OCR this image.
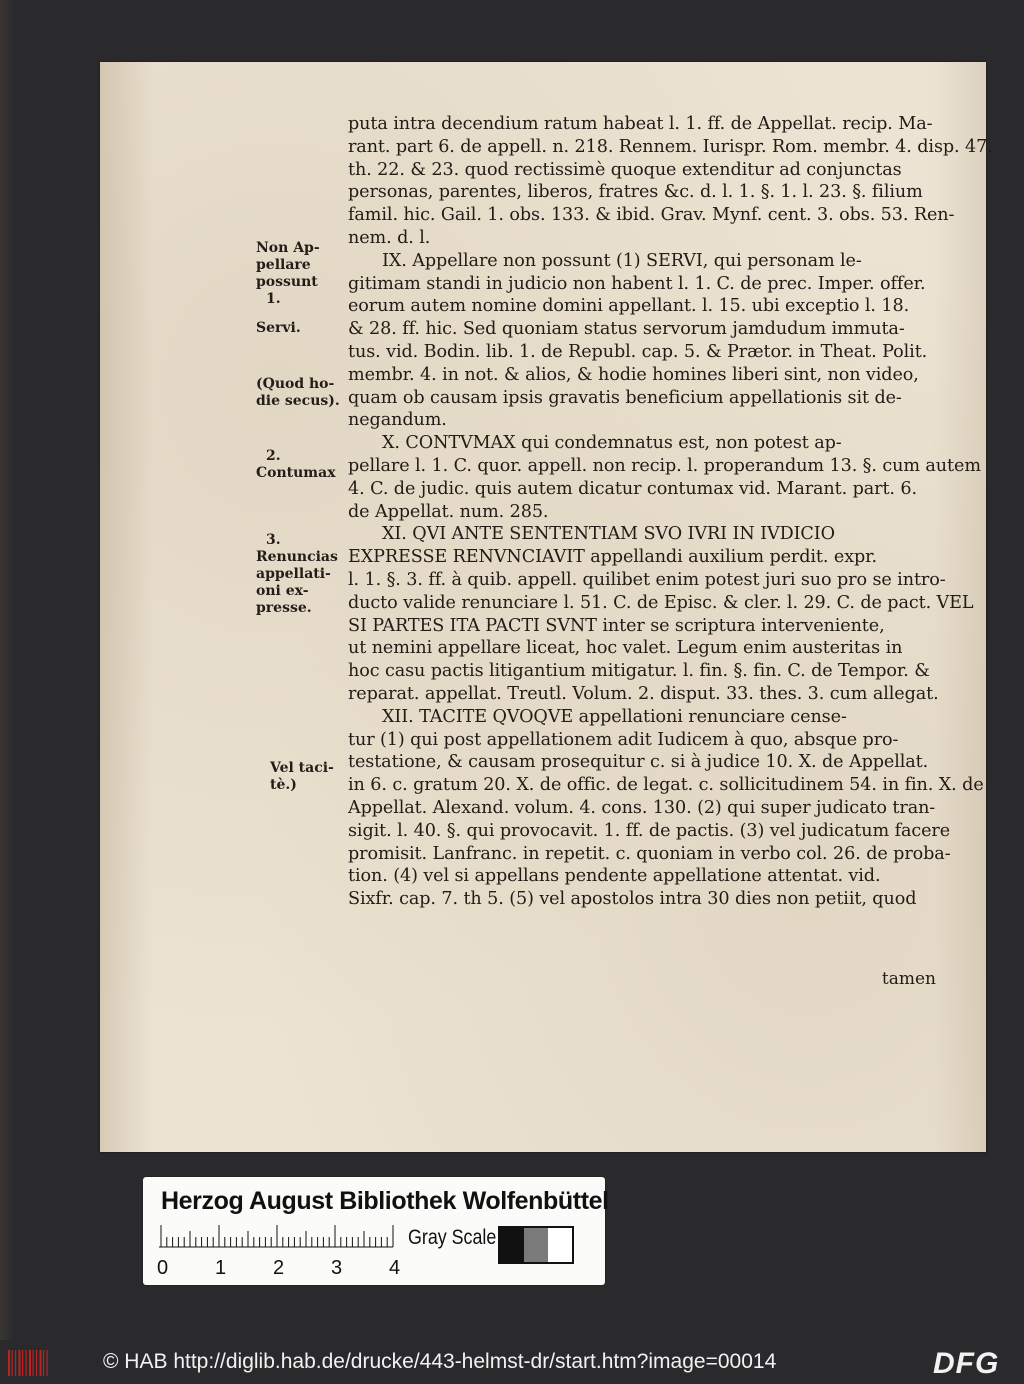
puta intra decendium ratum habeat l. 1. ff. de Appellat. recip. Ma-
rant. part 6. de appell. n. 218. Rennem. Iurispr. Rom. membr. 4. disp. 47.
th. 22. & 23. quod rectissimè quoque extenditur ad conjunctas
personas, parentes, liberos, fratres &c. d. l. 1. §. 1. l. 23. §. filium
famil. hic. Gail. 1. obs. 133. & ibid. Grav. Mynf. cent. 3. obs. 53. Ren-
nem. d. l.
IX. Appellare non possunt (1) SERVI, qui personam le-
gitimam standi in judicio non habent l. 1. C. de prec. Imper. offer.
eorum autem nomine domini appellant. l. 15. ubi exceptio l. 18.
& 28. ff. hic. Sed quoniam status servorum jamdudum immuta-
tus. vid. Bodin. lib. 1. de Republ. cap. 5. & Prætor. in Theat. Polit.
membr. 4. in not. & alios, & hodie homines liberi sint, non video,
quam ob causam ipsis gravatis beneficium appellationis sit de-
negandum.
X. CONTVMAX qui condemnatus est, non potest ap-
pellare l. 1. C. quor. appell. non recip. l. properandum 13. §. cum autem
4. C. de judic. quis autem dicatur contumax vid. Marant. part. 6.
de Appellat. num. 285.
XI. QVI ANTE SENTENTIAM SVO IVRI IN IVDICIO
EXPRESSE RENVNCIAVIT appellandi auxilium perdit. expr.
l. 1. §. 3. ff. à quib. appell. quilibet enim potest juri suo pro se intro-
ducto valide renunciare l. 51. C. de Episc. & cler. l. 29. C. de pact. VEL
SI PARTES ITA PACTI SVNT inter se scriptura interveniente,
ut nemini appellare liceat, hoc valet. Legum enim austeritas in
hoc casu pactis litigantium mitigatur. l. fin. §. fin. C. de Tempor. &
reparat. appellat. Treutl. Volum. 2. disput. 33. thes. 3. cum allegat.
XII. TACITE QVOQVE appellationi renunciare cense-
tur (1) qui post appellationem adit Iudicem à quo, absque pro-
testatione, & causam prosequitur c. si à judice 10. X. de Appellat.
in 6. c. gratum 20. X. de offic. de legat. c. sollicitudinem 54. in fin. X. de
Appellat. Alexand. volum. 4. cons. 130. (2) qui super judicato tran-
sigit. l. 40. §. qui provocavit. 1. ff. de pactis. (3) vel judicatum facere
promisit. Lanfranc. in repetit. c. quoniam in verbo col. 26. de proba-
tion. (4) vel si appellans pendente appellatione attentat. vid.
Sixfr. cap. 7. th 5. (5) vel apostolos intra 30 dies non petiit, quod
Non Ap-
pellare
possunt
1.
Servi.
(Quod ho-
die secus).
2.
Contumax
3.
Renuncias
appellati-
oni ex-
presse.
Vel taci-
tè.)
tamen
Herzog August Bibliothek Wolfenbüttel
Gray Scale
0 1 2 3 4
© HAB http://diglib.hab.de/drucke/443-helmst-dr/start.htm?image=00014	DFG
